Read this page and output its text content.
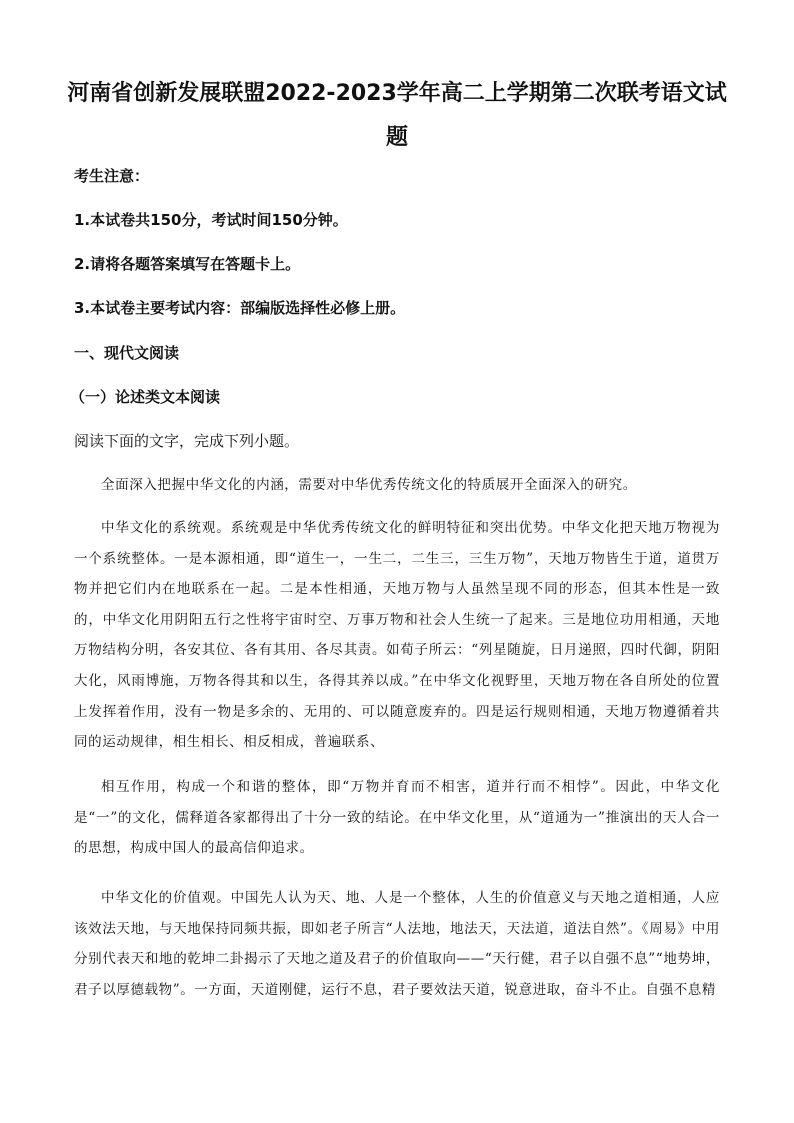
河南省创新发展联盟2022-2023学年高二上学期第二次联考语文试题

考生注意：

1.本试卷共150分，考试时间150分钟。

2.请将各题答案填写在答题卡上。

3.本试卷主要考试内容：部编版选择性必修上册。

一、现代文阅读

（一）论述类文本阅读

阅读下面的文字，完成下列小题。

全面深入把握中华文化的内涵，需要对中华优秀传统文化的特质展开全面深入的研究。

中华文化的系统观。系统观是中华优秀传统文化的鲜明特征和突出优势。中华文化把天地万物视为一个系统整体。一是本源相通，即“道生一，一生二，二生三，三生万物”，天地万物皆生于道，道贯万物并把它们内在地联系在一起。二是本性相通，天地万物与人虽然呈现不同的形态，但其本性是一致的，中华文化用阴阳五行之性将宇宙时空、万事万物和社会人生统一了起来。三是地位功用相通，天地万物结构分明，各安其位、各有其用、各尽其责。如荀子所云：“列星随旋，日月递照，四时代御，阴阳大化，风雨博施，万物各得其和以生，各得其养以成。”在中华文化视野里，天地万物在各自所处的位置上发挥着作用，没有一物是多余的、无用的、可以随意废弃的。四是运行规则相通，天地万物遵循着共同的运动规律，相生相长、相反相成，普遍联系、

相互作用，构成一个和谐的整体，即“万物并育而不相害，道并行而不相悖”。因此，中华文化是“一”的文化，儒释道各家都得出了十分一致的结论。在中华文化里，从“道通为一”推演出的天人合一的思想，构成中国人的最高信仰追求。

中华文化的价值观。中国先人认为天、地、人是一个整体，人生的价值意义与天地之道相通，人应该效法天地，与天地保持同频共振，即如老子所言“人法地，地法天，天法道，道法自然”。《周易》中用分别代表天和地的乾坤二卦揭示了天地之道及君子的价值取向——“天行健，君子以自强不息”“地势坤，君子以厚德载物”。一方面，天道刚健，运行不息，君子要效法天道，锐意进取，奋斗不止。自强不息精
